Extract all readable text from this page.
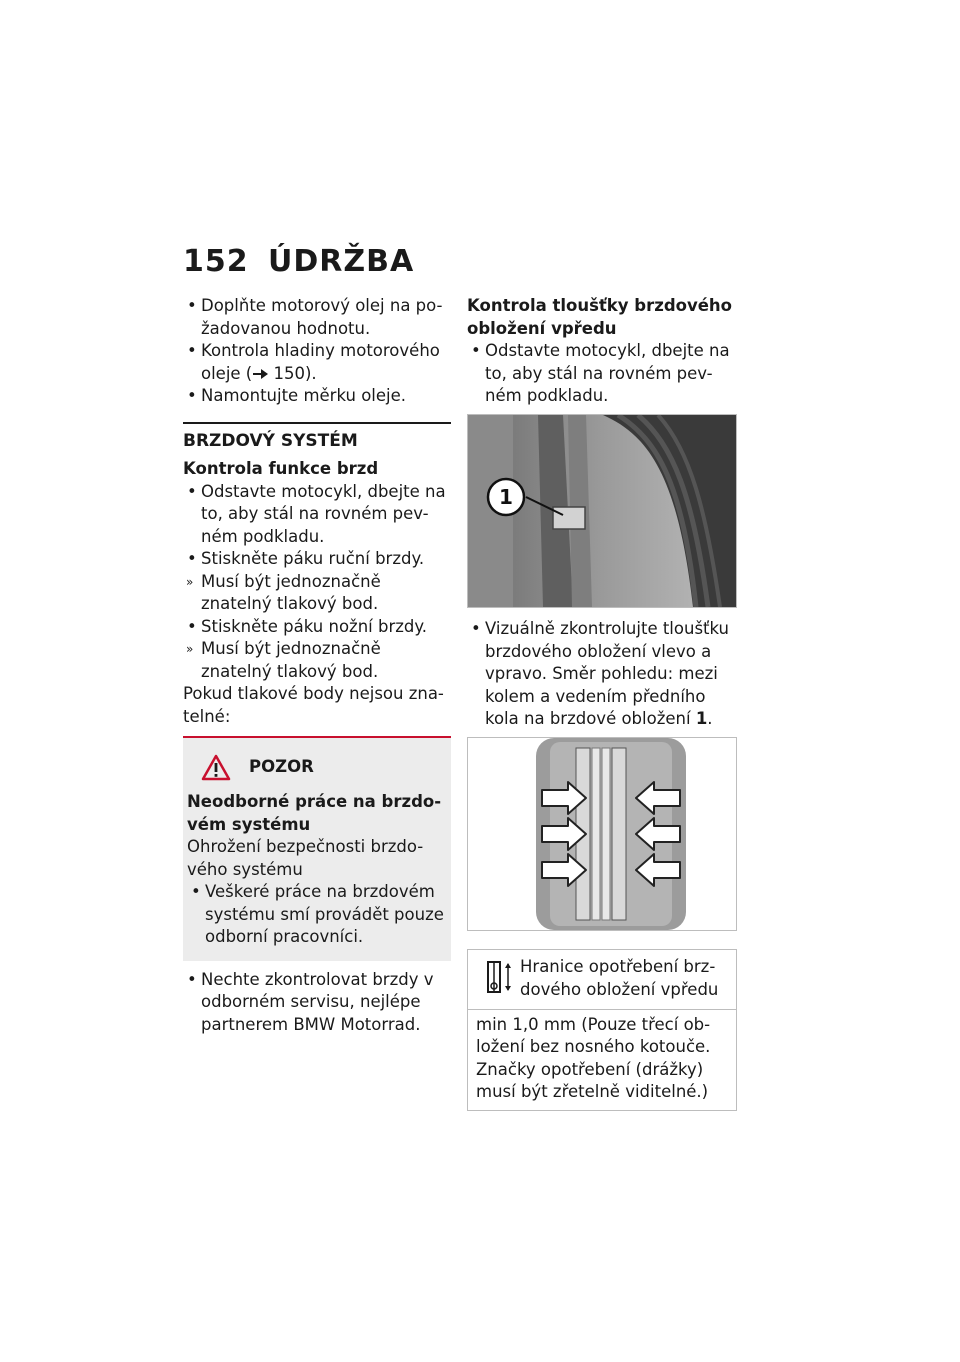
152 ÚDRŽBA

• Doplňte motorový olej na po-žadovanou hodnotu.

• Kontrola hladiny motorového oleje ( 150).

• Namontujte měrku oleje.

BRZDOVÝ SYSTÉM

Kontrola funkce brzd

• Odstavte motocykl, dbejte na to, aby stál na rovném pev-ném podkladu.

• Stiskněte páku ruční brzdy.

» Musí být jednoznačně znatelný tlakový bod.

• Stiskněte páku nožní brzdy.

» Musí být jednoznačně znatelný tlakový bod.

Pokud tlakové body nejsou zna-telné:

POZOR

Neodborné práce na brzdo-vém systému

Ohrožení bezpečnosti brzdo-vého systému

• Veškeré práce na brzdovém systému smí provádět pouze odborní pracovníci.

• Nechte zkontrolovat brzdy v odborném servisu, nejlépe partnerem BMW Motorrad.

Kontrola tloušťky brzdového obložení vpředu

• Odstavte motocykl, dbejte na to, aby stál na rovném pev-ném podkladu.

1

• Vizuálně zkontrolujte tloušťku brzdového obložení vlevo a vpravo. Směr pohledu: mezi kolem a vedením předního kola na brzdové obložení 1.

Hranice opotřebení brz-dového obložení vpředu
min 1,0 mm (Pouze třecí ob-ložení bez nosného kotouče. Značky opotřebení (drážky) musí být zřetelně viditelné.)
